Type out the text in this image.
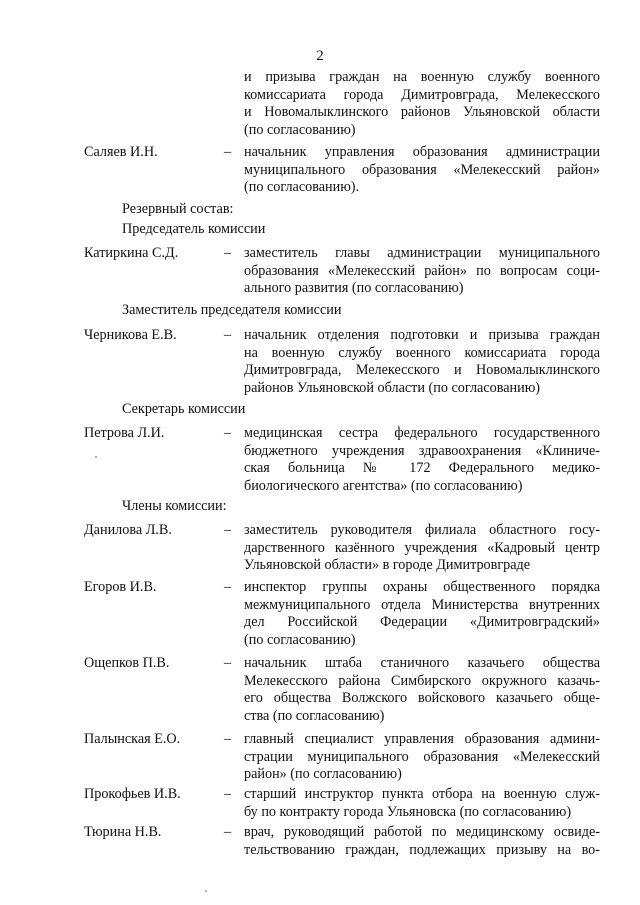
2
и призыва граждан на военную службу военного
комиссариата города Димитровграда, Мелекесского
и Новомалыклинского районов Ульяновской области
(по согласованию)
Саляев И.Н.	– начальник управления образования администрации
муниципального образования «Мелекесский район»
(по согласованию).
Резервный состав:
Председатель комиссии
Катиркина С.Д.	– заместитель главы администрации муниципального
образования «Мелекесский район» по вопросам соци-
ального развития (по согласованию)
Заместитель председателя комиссии
Черникова Е.В.	– начальник отделения подготовки и призыва граждан
на военную службу военного комиссариата города
Димитровграда, Мелекесского и Новомалыклинского
районов Ульяновской области (по согласованию)
Секретарь комиссии
Петрова Л.И.	– медицинская сестра федерального государственного
бюджетного учреждения здравоохранения «Клиниче-
ская больница № 172 Федерального медико-
биологического агентства» (по согласованию)
Члены комиссии:
Данилова Л.В.	– заместитель руководителя филиала областного госу-
дарственного казённого учреждения «Кадровый центр
Ульяновской области» в городе Димитровграде
Егоров И.В.	– инспектор группы охраны общественного порядка
межмуниципального отдела Министерства внутренних
дел Российской Федерации «Димитровградский»
(по согласованию)
Ощепков П.В.	– начальник штаба станичного казачьего общества
Мелекесского района Симбирского окружного казачь-
его общества Волжского войскового казачьего обще-
ства (по согласованию)
Палынская Е.О.	– главный специалист управления образования админи-
страции муниципального образования «Мелекесский
район» (по согласованию)
Прокофьев И.В.	– старший инструктор пункта отбора на военную служ-
бу по контракту города Ульяновска (по согласованию)
Тюрина Н.В.	– врач, руководящий работой по медицинскому освиде-
тельствованию граждан, подлежащих призыву на во-
